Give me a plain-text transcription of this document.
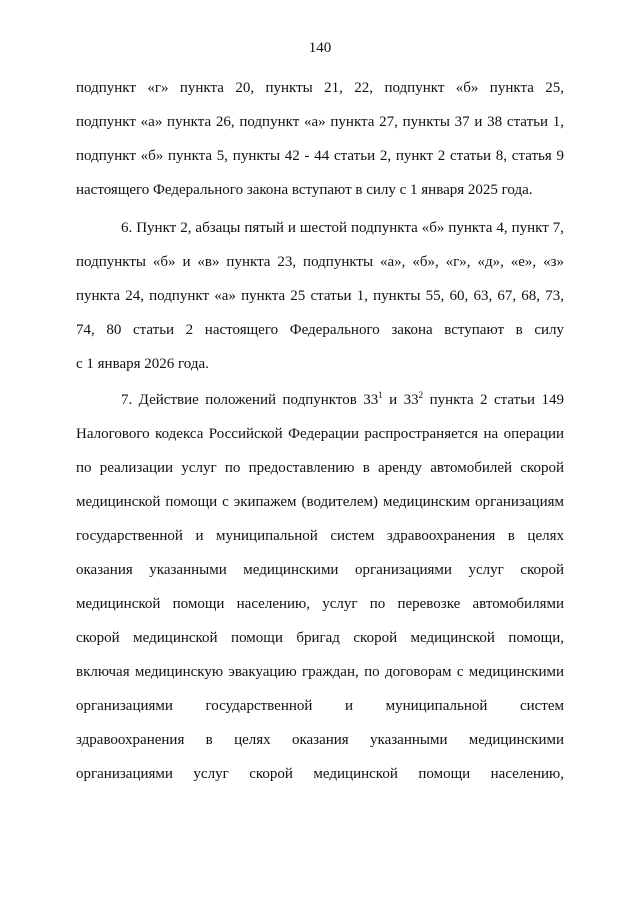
140
подпункт «г» пункта 20, пункты 21, 22, подпункт «б» пункта 25,
подпункт «а» пункта 26, подпункт «а» пункта 27, пункты 37 и 38 статьи 1,
подпункт «б» пункта 5, пункты 42 - 44 статьи 2, пункт 2 статьи 8, статья 9
настоящего Федерального закона вступают в силу с 1 января 2025 года.
6. Пункт 2, абзацы пятый и шестой подпункта «б» пункта 4, пункт 7,
подпункты «б» и «в» пункта 23, подпункты «а», «б», «г», «д», «е», «з»
пункта 24, подпункт «а» пункта 25 статьи 1, пункты 55, 60, 63, 67, 68, 73,
74, 80 статьи 2 настоящего Федерального закона вступают в силу
с 1 января 2026 года.
7. Действие положений подпунктов $33^1$ и $33^2$ пункта 2 статьи 149
Налогового кодекса Российской Федерации распространяется на операции
по реализации услуг по предоставлению в аренду автомобилей скорой
медицинской помощи с экипажем (водителем) медицинским организациям
государственной и муниципальной систем здравоохранения в целях
оказания указанными медицинскими организациями услуг скорой
медицинской помощи населению, услуг по перевозке автомобилями
скорой медицинской помощи бригад скорой медицинской помощи,
включая медицинскую эвакуацию граждан, по договорам с медицинскими
организациями государственной и муниципальной систем
здравоохранения в целях оказания указанными медицинскими
организациями услуг скорой медицинской помощи населению,
